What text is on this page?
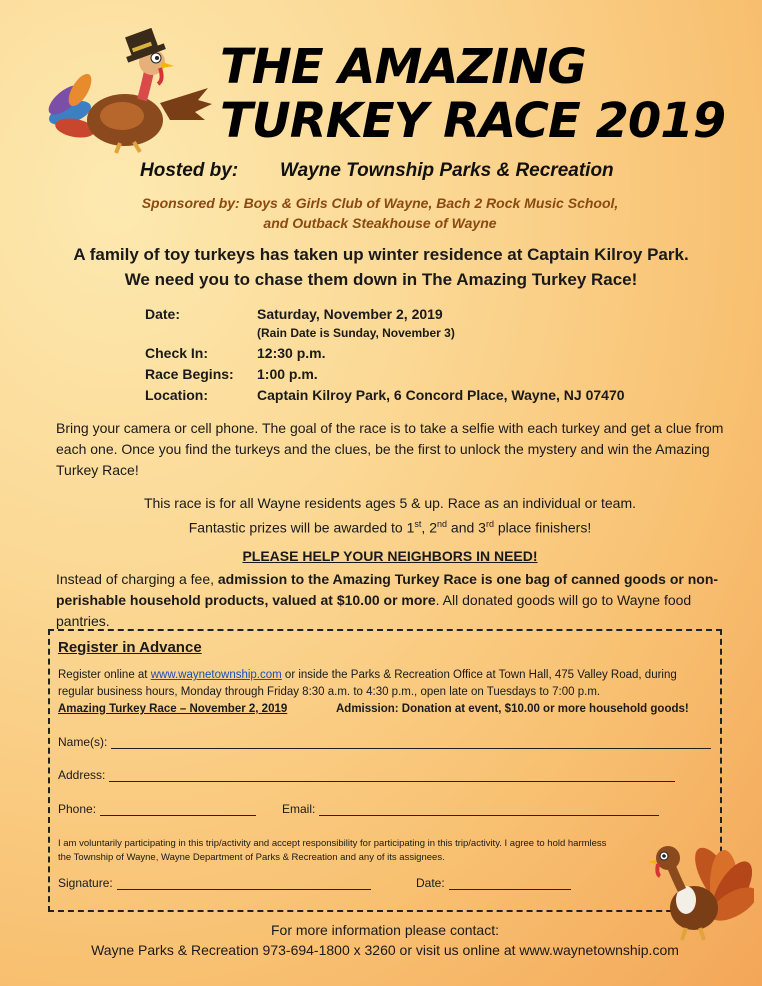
THE AMAZING
TURKEY RACE 2019
Hosted by: Wayne Township Parks & Recreation
Sponsored by: Boys & Girls Club of Wayne, Bach 2 Rock Music School,
and Outback Steakhouse of Wayne
A family of toy turkeys has taken up winter residence at Captain Kilroy Park.
We need you to chase them down in The Amazing Turkey Race!
Date:	Saturday, November 2, 2019
(Rain Date is Sunday, November 3)
Check In:	12:30 p.m.
Race Begins:	1:00 p.m.
Location:	Captain Kilroy Park, 6 Concord Place, Wayne, NJ 07470
Bring your camera or cell phone. The goal of the race is to take a selfie with each turkey and get a clue from each one. Once you find the turkeys and the clues, be the first to unlock the mystery and win the Amazing Turkey Race!
This race is for all Wayne residents ages 5 & up. Race as an individual or team.
Fantastic prizes will be awarded to 1st, 2nd and 3rd place finishers!
PLEASE HELP YOUR NEIGHBORS IN NEED!
Instead of charging a fee, admission to the Amazing Turkey Race is one bag of canned goods or non-perishable household products, valued at $10.00 or more. All donated goods will go to Wayne food pantries.
Register in Advance
Register online at www.waynetownship.com or inside the Parks & Recreation Office at Town Hall, 475 Valley Road, during regular business hours, Monday through Friday 8:30 a.m. to 4:30 p.m., open late on Tuesdays to 7:00 p.m.
Amazing Turkey Race – November 2, 2019	Admission: Donation at event, $10.00 or more household goods!
Name(s):
Address:
Phone:	Email:
I am voluntarily participating in this trip/activity and accept responsibility for participating in this trip/activity. I agree to hold harmless the Township of Wayne, Wayne Department of Parks & Recreation and any of its assignees.
Signature:	Date:
For more information please contact:
Wayne Parks & Recreation 973-694-1800 x 3260 or visit us online at www.waynetownship.com
